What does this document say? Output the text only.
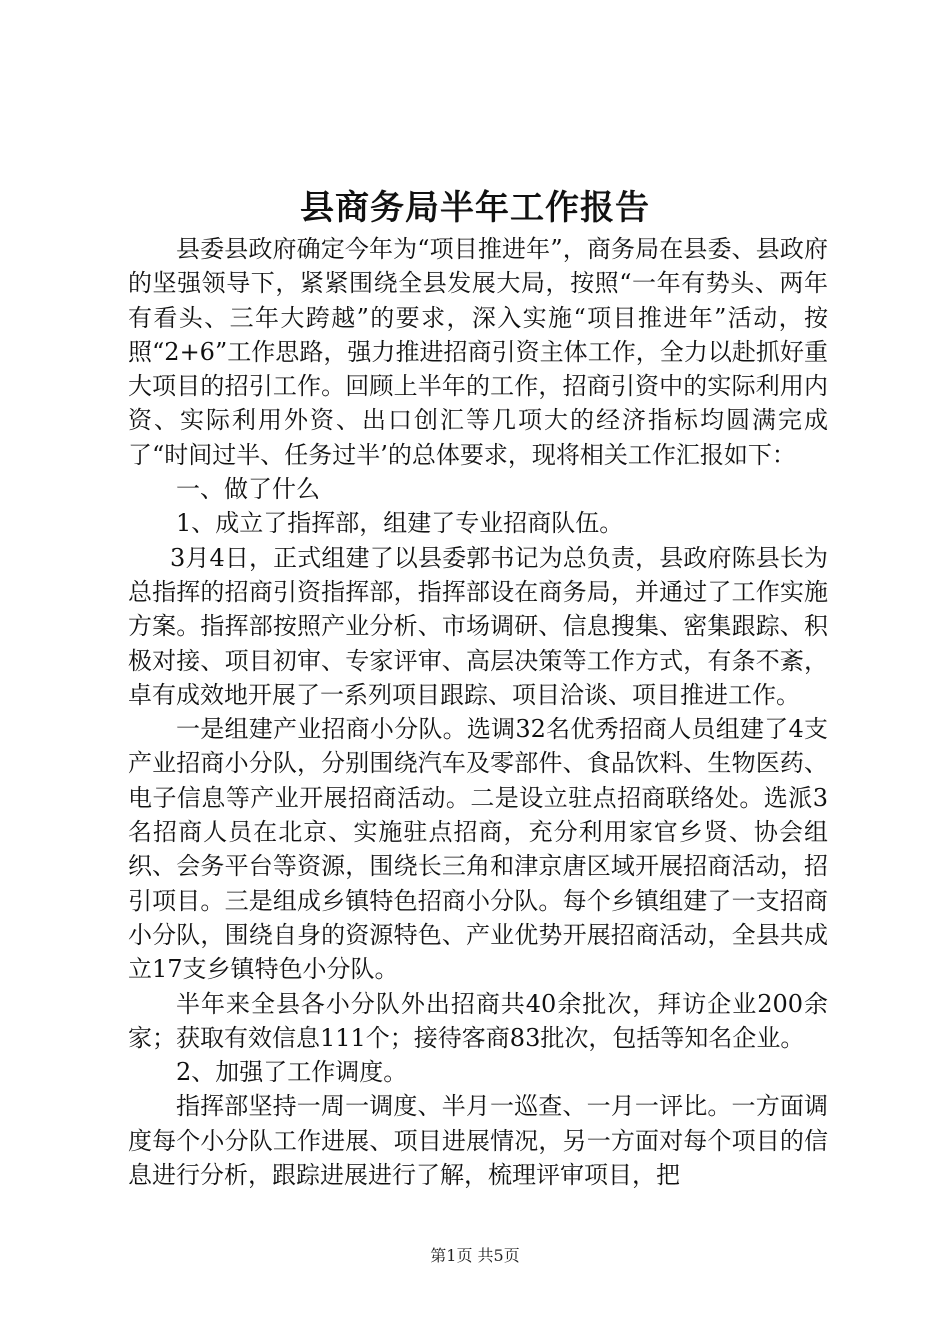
县商务局半年工作报告

县委县政府确定今年为“项目推进年”，商务局在县委、县政府的坚强领导下，紧紧围绕全县发展大局，按照“一年有势头、两年有看头、三年大跨越”的要求，深入实施“项目推进年”活动，按照“2+6”工作思路，强力推进招商引资主体工作，全力以赴抓好重大项目的招引工作。回顾上半年的工作，招商引资中的实际利用内资、实际利用外资、出口创汇等几项大的经济指标均圆满完成了“时间过半、任务过半’的总体要求，现将相关工作汇报如下：

一、做了什么

1、成立了指挥部，组建了专业招商队伍。

3月4日，正式组建了以县委郭书记为总负责，县政府陈县长为总指挥的招商引资指挥部，指挥部设在商务局，并通过了工作实施方案。指挥部按照产业分析、市场调研、信息搜集、密集跟踪、积极对接、项目初审、专家评审、高层决策等工作方式，有条不紊，卓有成效地开展了一系列项目跟踪、项目洽谈、项目推进工作。

一是组建产业招商小分队。选调32名优秀招商人员组建了4支产业招商小分队，分别围绕汽车及零部件、食品饮料、生物医药、电子信息等产业开展招商活动。二是设立驻点招商联络处。选派3名招商人员在北京、实施驻点招商，充分利用家官乡贤、协会组织、会务平台等资源，围绕长三角和津京唐区域开展招商活动，招引项目。三是组成乡镇特色招商小分队。每个乡镇组建了一支招商小分队，围绕自身的资源特色、产业优势开展招商活动，全县共成立17支乡镇特色小分队。

半年来全县各小分队外出招商共40余批次，拜访企业200余家；获取有效信息111个；接待客商83批次，包括等知名企业。

2、加强了工作调度。

指挥部坚持一周一调度、半月一巡查、一月一评比。一方面调度每个小分队工作进展、项目进展情况，另一方面对每个项目的信息进行分析，跟踪进展进行了解，梳理评审项目，把

第1页 共5页
